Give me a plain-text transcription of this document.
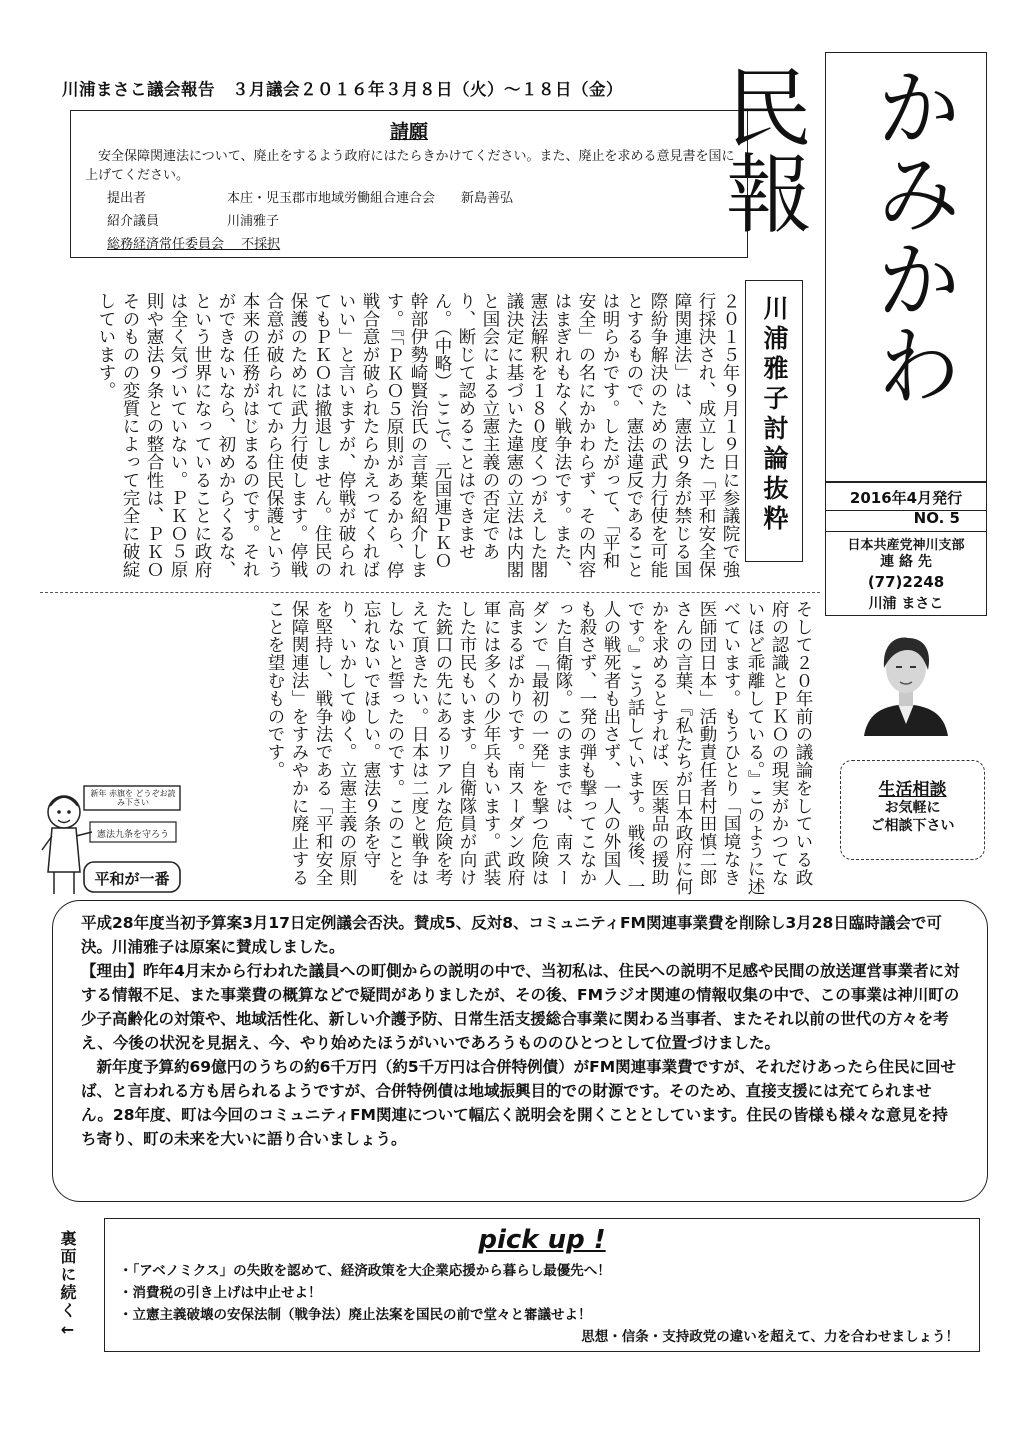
川浦まさこ議会報告　３月議会２０１６年３月８日（火）～１８日（金）
請願
安全保障関連法について、廃止をするよう政府にはたらきかけてください。また、廃止を求める意見書を国に上げてください。
提出者	本庄・児玉郡市地域労働組合連合会　　新島善弘
紹介議員	川浦雅子
総務経済常任委員会　 不採択	かみかわ民報
2016年4月発行
NO. 5
日本共産党神川支部
連 絡 先
(77)2248
川浦 まさこ
川浦雅子討論抜粋
２０１５年９月１９日に参議院で強行採決され、成立した「平和安全保障関連法」は、憲法９条が禁じる国際紛争解決のための武力行使を可能とするもので、憲法違反であることは明らかです。したがって、「平和安全」の名にかかわらず、その内容はまぎれもなく戦争法です。また、憲法解釈を１８０度くつがえした閣議決定に基づいた違憲の立法は内閣と国会による立憲主義の否定であり、断じて認めることはできません。（中略）ここで、元国連ＰＫＯ幹部伊勢崎賢治氏の言葉を紹介します。『「ＰＫＯ５原則があるから、停戦合意が破られたらかえってくればいい」と言いますが、停戦が破られてもＰＫＯは撤退しません。住民の保護のために武力行使します。停戦合意が破られてから住民保護という本来の任務がはじまるのです。それができないなら、初めからくるな、という世界になっていることに政府は全く気づいていない。ＰＫＯ５原則や憲法９条との整合性は、ＰＫＯそのものの変質によって完全に破綻しています。
そして２０年前の議論をしている政府の認識とＰＫＯの現実がかつてないほど乖離している。』このように述べています。もうひとり「国境なき医師団日本」活動責任者村田慎二郎さんの言葉、『私たちが日本政府に何かを求めるとすれば、医薬品の援助です。』こう話しています。戦後、一人の戦死者も出さず、一人の外国人も殺さず、一発の弾も撃ってこなかった自衛隊。このままでは、南スーダンで「最初の一発」を撃つ危険は高まるばかりです。南スーダン政府軍には多くの少年兵もいます。武装した市民もいます。自衛隊員が向けた銃口の先にあるリアルな危険を考えて頂きたい。日本は二度と戦争はしないと誓ったのです。このことを忘れないでほしい。憲法９条を守り、いかしてゆく。立憲主義の原則を堅持し、戦争法である「平和安全保障関連法」をすみやかに廃止することを望むものです。
生活相談
お気軽に
ご相談下さい
新年 赤旗を どうぞお読み下さい
憲法九条を守ろう
平和が一番

平成28年度当初予算案3月17日定例議会否決。賛成5、反対8、コミュニティFM関連事業費を削除し3月28日臨時議会で可決。川浦雅子は原案に賛成しました。

【理由】昨年4月末から行われた議員への町側からの説明の中で、当初私は、住民への説明不足感や民間の放送運営事業者に対する情報不足、また事業費の概算などで疑問がありましたが、その後、FMラジオ関連の情報収集の中で、この事業は神川町の少子高齢化の対策や、地域活性化、新しい介護予防、日常生活支援総合事業に関わる当事者、またそれ以前の世代の方々を考え、今後の状況を見据え、今、やり始めたほうがいいであろうもののひとつとして位置づけました。

新年度予算約69億円のうちの約6千万円（約5千万円は合併特例債）がFM関連事業費ですが、それだけあったら住民に回せば、と言われる方も居られるようですが、合併特例債は地域振興目的での財源です。そのため、直接支援には充てられません。28年度、町は今回のコミュニティFM関連について幅広く説明会を開くこととしています。住民の皆様も様々な意見を持ち寄り、町の未来を大いに語り合いましょう。

裏面に続く←	pick up !
・「アベノミクス」の失敗を認めて、経済政策を大企業応援から暮らし最優先へ！
・消費税の引き上げは中止せよ！
・立憲主義破壊の安保法制（戦争法）廃止法案を国民の前で堂々と審議せよ！
思想・信条・支持政党の違いを超えて、力を合わせましょう！
